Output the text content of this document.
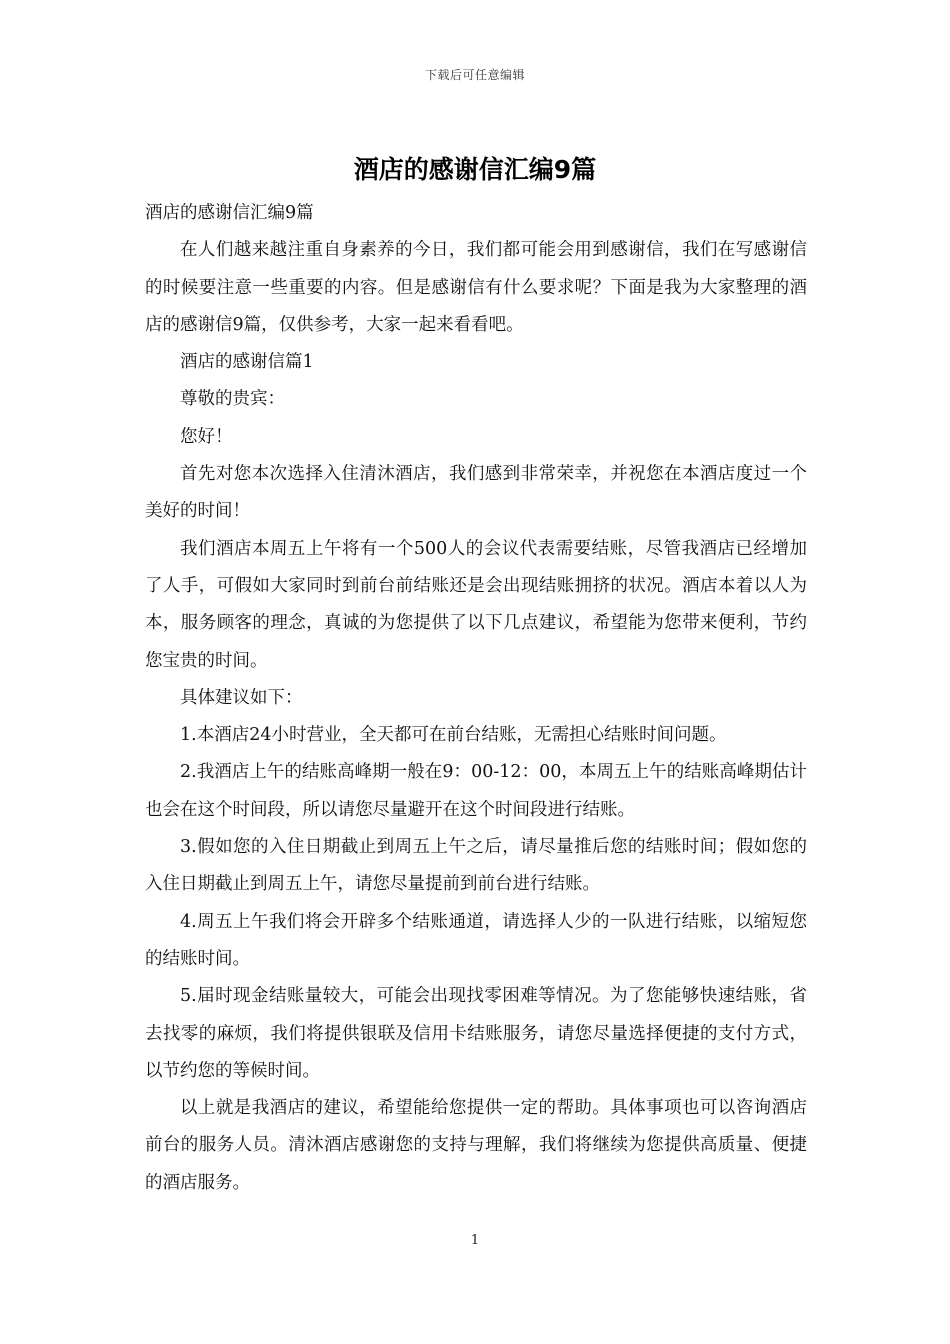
下载后可任意编辑
酒店的感谢信汇编9篇

酒店的感谢信汇编9篇

在人们越来越注重自身素养的今日，我们都可能会用到感谢信，我们在写感谢信的时候要注意一些重要的内容。但是感谢信有什么要求呢？下面是我为大家整理的酒店的感谢信9篇，仅供参考，大家一起来看看吧。

酒店的感谢信篇1

尊敬的贵宾：

您好！

首先对您本次选择入住清沐酒店，我们感到非常荣幸，并祝您在本酒店度过一个美好的时间！

我们酒店本周五上午将有一个500人的会议代表需要结账，尽管我酒店已经增加了人手，可假如大家同时到前台前结账还是会出现结账拥挤的状况。酒店本着以人为本，服务顾客的理念，真诚的为您提供了以下几点建议，希望能为您带来便利，节约您宝贵的时间。

具体建议如下：

1.本酒店24小时营业，全天都可在前台结账，无需担心结账时间问题。

2.我酒店上午的结账高峰期一般在9：00-12：00，本周五上午的结账高峰期估计也会在这个时间段，所以请您尽量避开在这个时间段进行结账。

3.假如您的入住日期截止到周五上午之后，请尽量推后您的结账时间；假如您的入住日期截止到周五上午，请您尽量提前到前台进行结账。

4.周五上午我们将会开辟多个结账通道，请选择人少的一队进行结账，以缩短您的结账时间。

5.届时现金结账量较大，可能会出现找零困难等情况。为了您能够快速结账，省去找零的麻烦，我们将提供银联及信用卡结账服务，请您尽量选择便捷的支付方式，以节约您的等候时间。

以上就是我酒店的建议，希望能给您提供一定的帮助。具体事项也可以咨询酒店前台的服务人员。清沐酒店感谢您的支持与理解，我们将继续为您提供高质量、便捷的酒店服务。

1
